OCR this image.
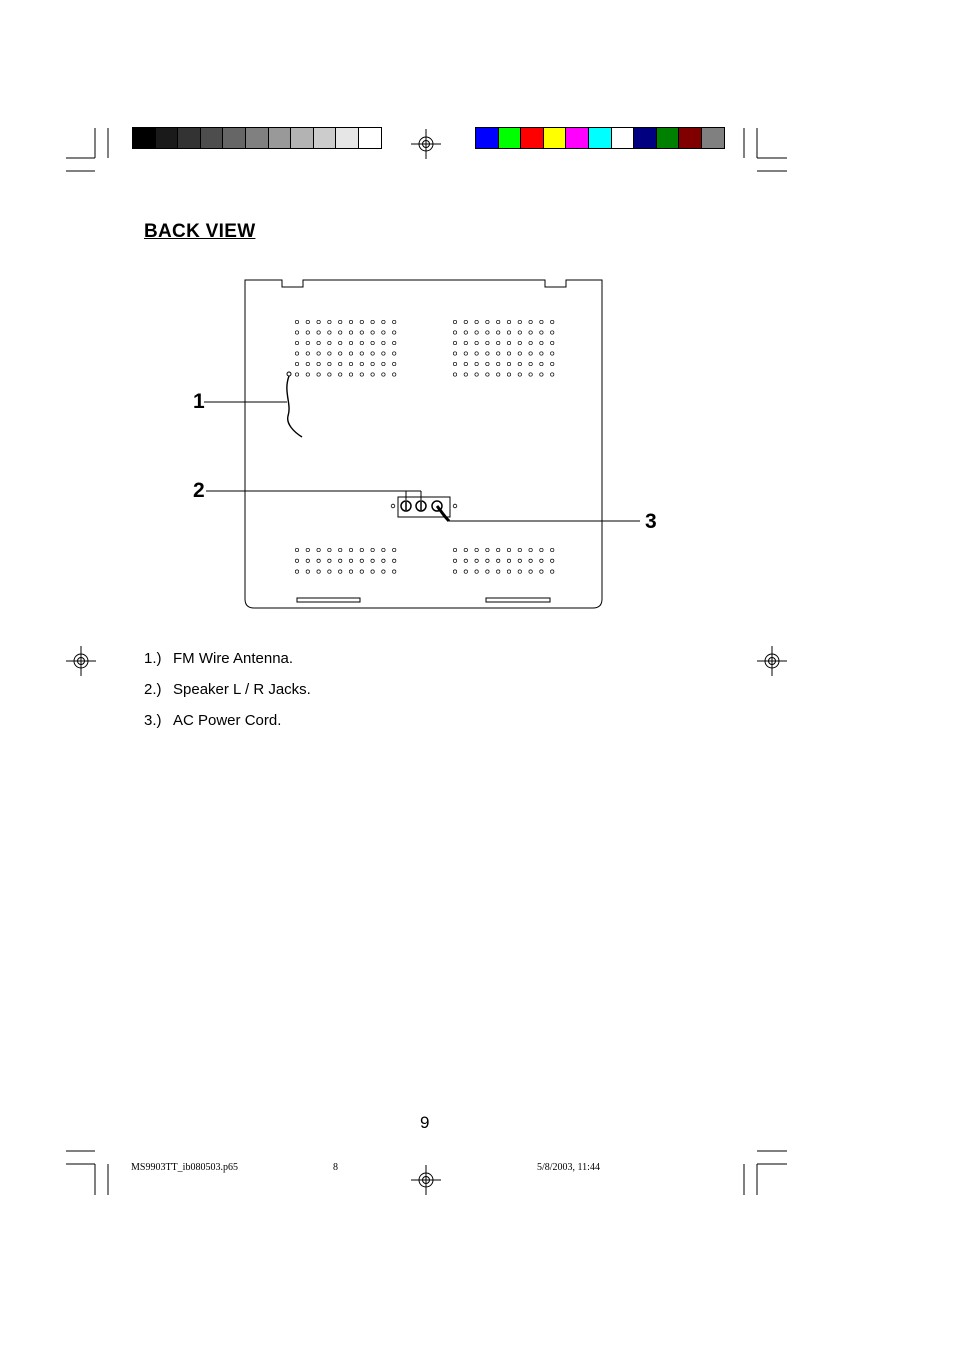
BACK VIEW
1
2
3
1.) FM Wire Antenna.
2.) Speaker L / R Jacks.
3.) AC Power Cord.
9
MS9903TT_ib080503.p65	8	5/8/2003, 11:44
